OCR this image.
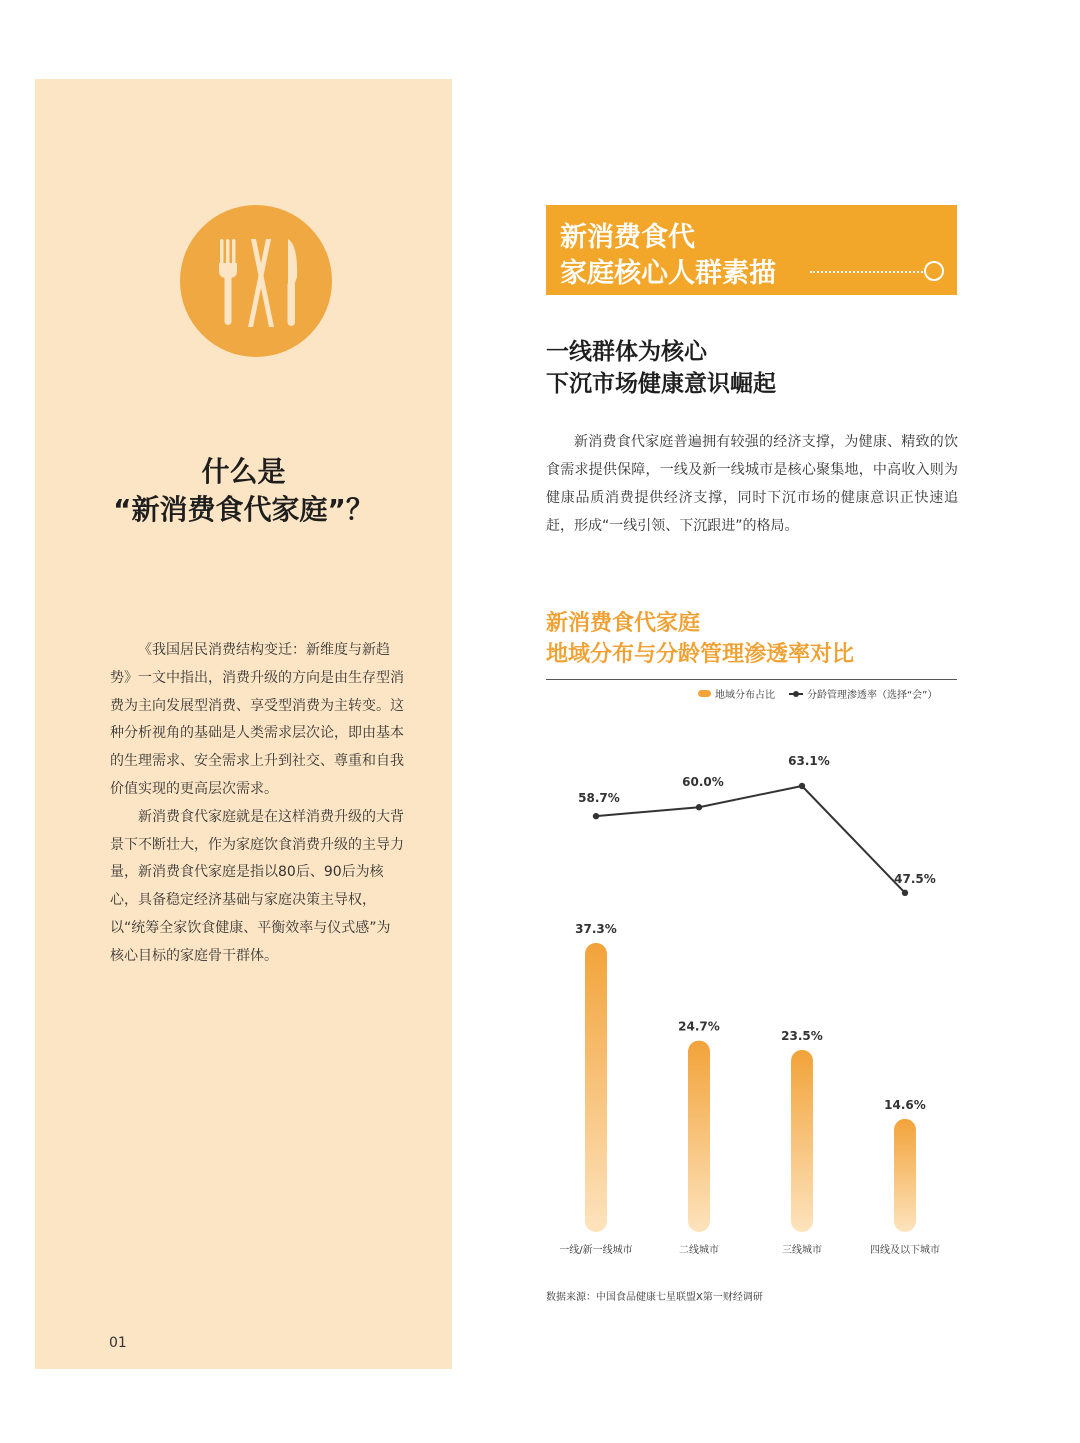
什么是
“新消费食代家庭”？

《我国居民消费结构变迁：新维度与新趋势》一文中指出，消费升级的方向是由生存型消费为主向发展型消费、享受型消费为主转变。这种分析视角的基础是人类需求层次论，即由基本的生理需求、安全需求上升到社交、尊重和自我价值实现的更高层次需求。

新消费食代家庭就是在这样消费升级的大背景下不断壮大，作为家庭饮食消费升级的主导力量，新消费食代家庭是指以80后、90后为核心，具备稳定经济基础与家庭决策主导权，以“统筹全家饮食健康、平衡效率与仪式感”为核心目标的家庭骨干群体。

01
新消费食代
家庭核心人群素描
一线群体为核心
下沉市场健康意识崛起

新消费食代家庭普遍拥有较强的经济支撑，为健康、精致的饮食需求提供保障，一线及新一线城市是核心聚集地，中高收入则为健康品质消费提供经济支撑，同时下沉市场的健康意识正快速追赶，形成“一线引领、下沉跟进”的格局。

新消费食代家庭
地域分布与分龄管理渗透率对比
地域分布占比	分龄管理渗透率（选择“会”）
37.3%
24.7%
23.5%
14.6%
58.7%
60.0%
63.1%
47.5%
一线/新一线城市	二线城市	三线城市	四线及以下城市
数据来源：中国食品健康七星联盟X第一财经调研
